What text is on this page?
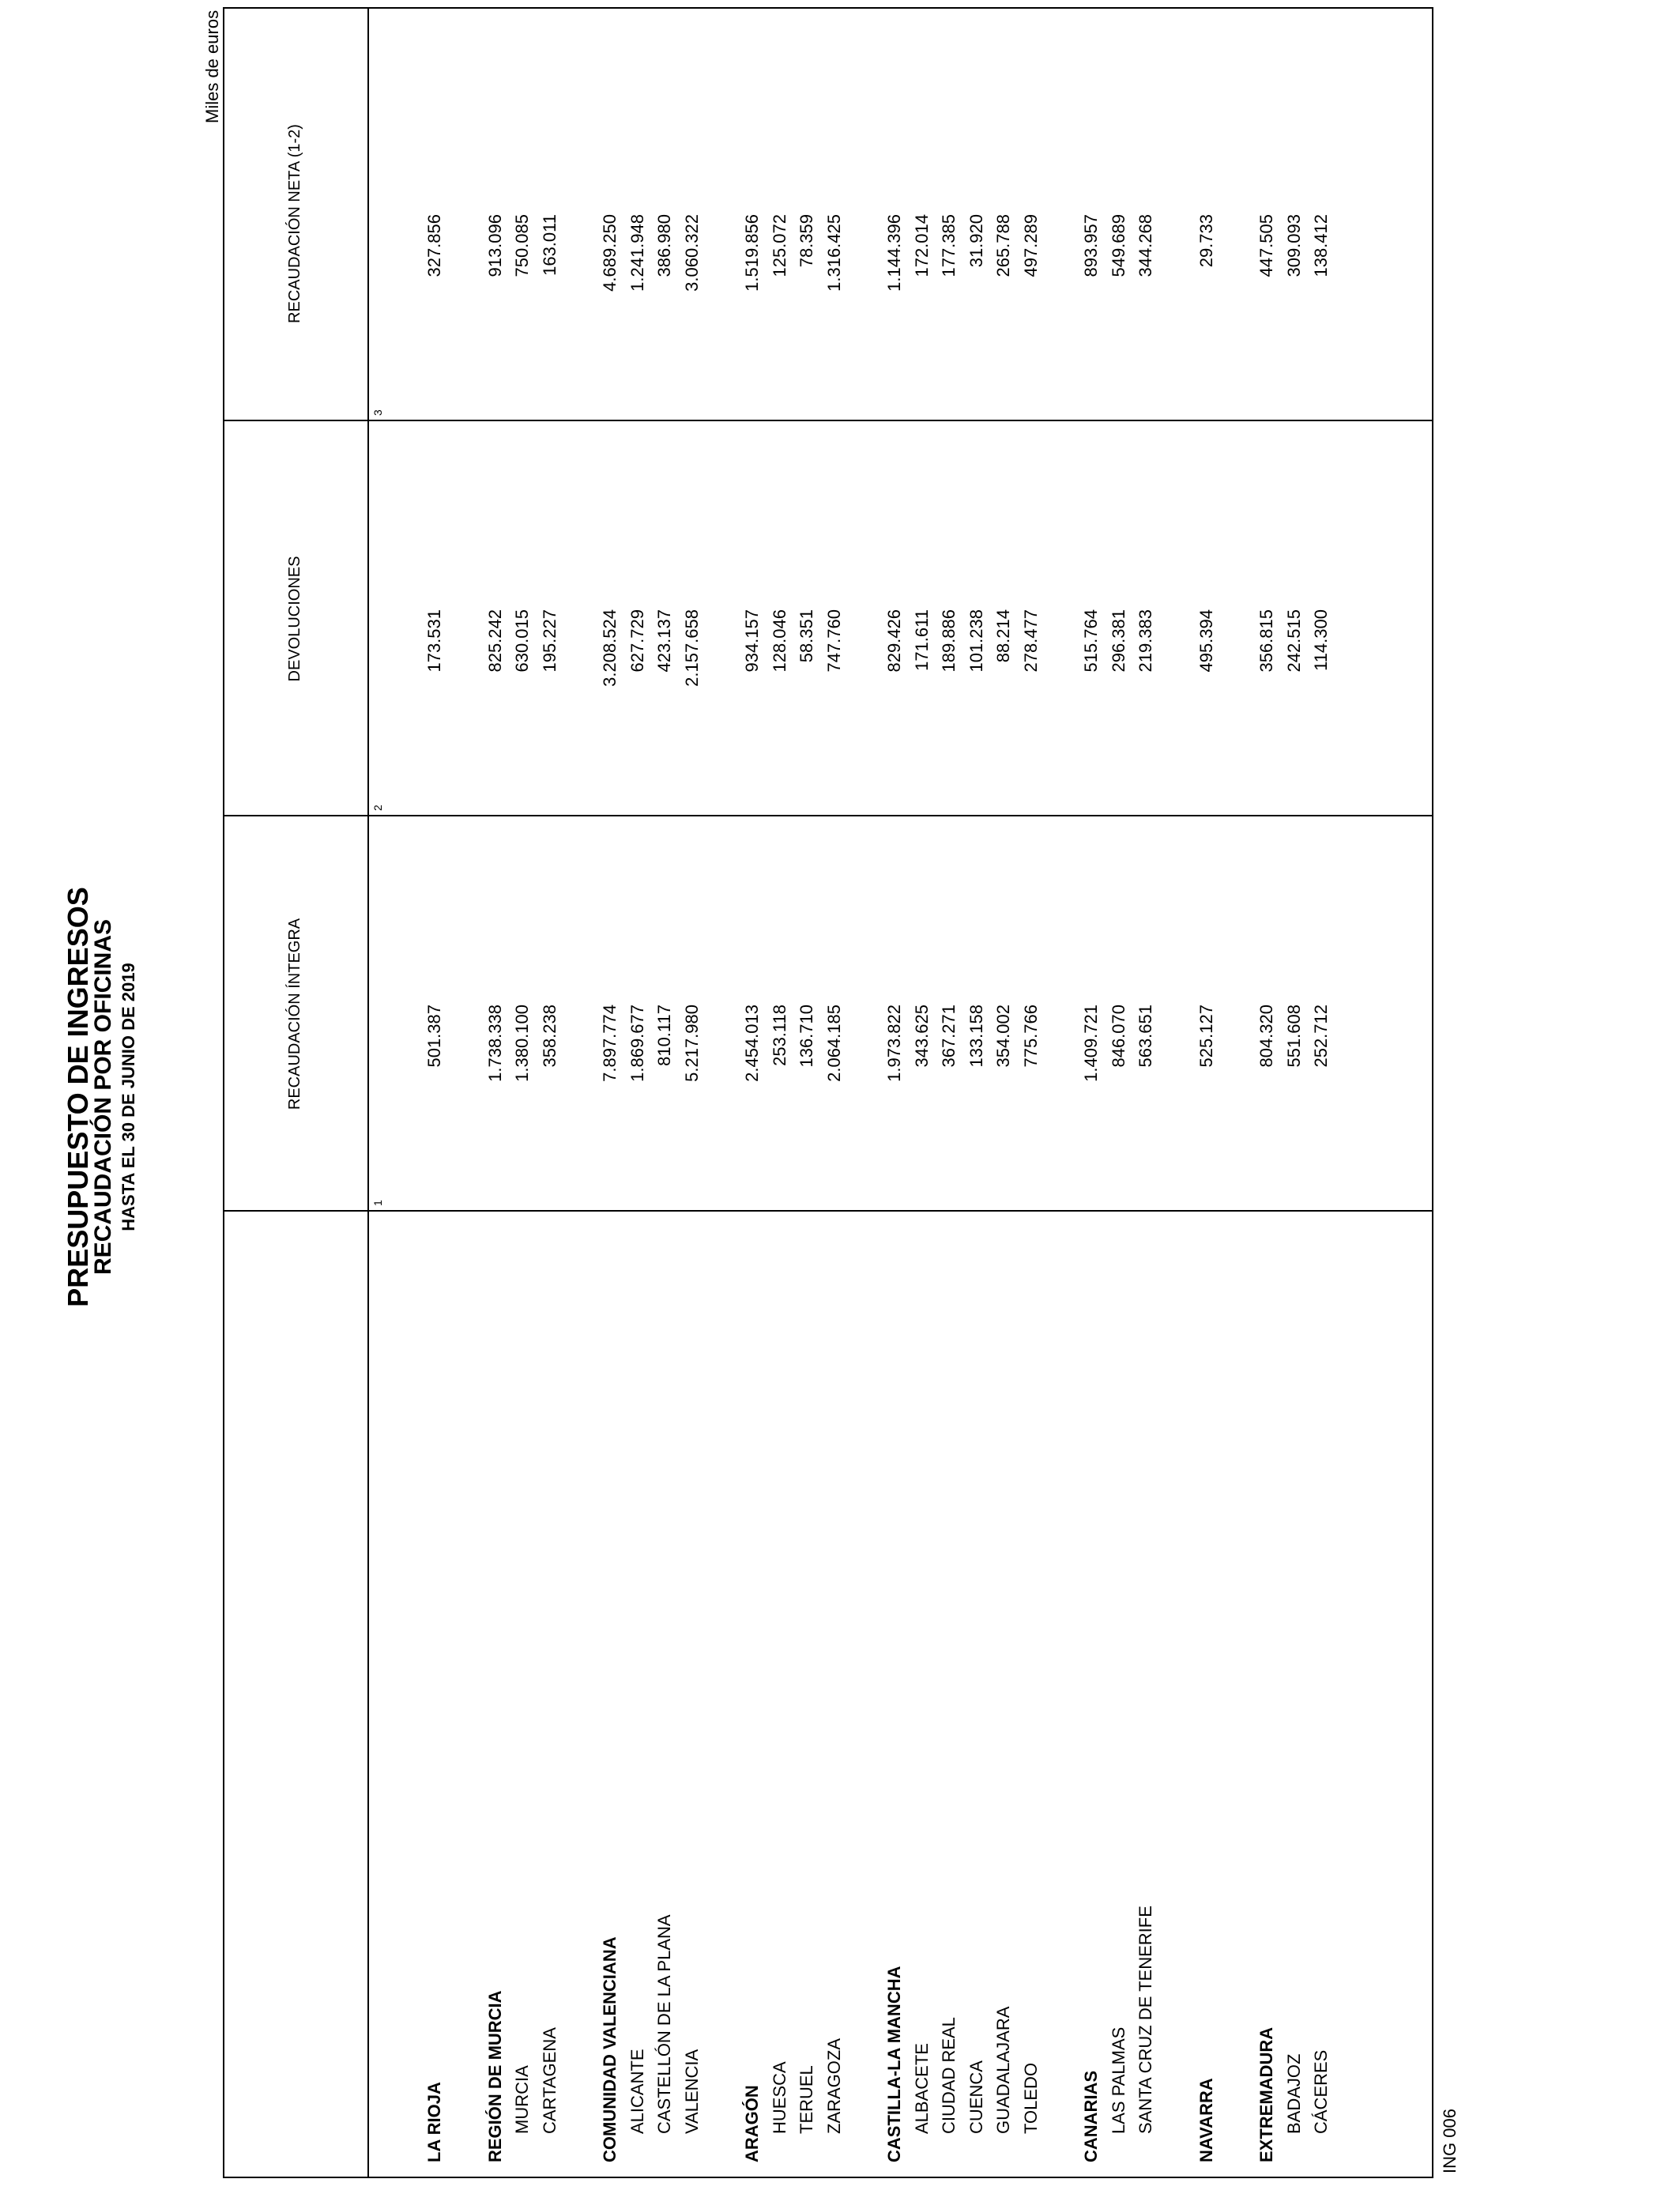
PRESUPUESTO DE INGRESOS
RECAUDACIÓN POR OFICINAS HASTA EL 30 DE JUNIO DE 2019
Miles de euros
RECAUDACIÓN ÍNTEGRA
DEVOLUCIONES
RECAUDACIÓN NETA (1-2)
1
2
3
LA RIOJA
501.387
173.531
327.856
REGIÓN DE MURCIA
1.738.338
825.242
913.096
MURCIA
1.380.100
630.015
750.085
CARTAGENA
358.238
195.227
163.011
COMUNIDAD VALENCIANA
7.897.774
3.208.524
4.689.250
ALICANTE
1.869.677
627.729
1.241.948
CASTELLÓN DE LA PLANA
810.117
423.137
386.980
VALENCIA
5.217.980
2.157.658
3.060.322
ARAGÓN
2.454.013
934.157
1.519.856
HUESCA
253.118
128.046
125.072
TERUEL
136.710
58.351
78.359
ZARAGOZA
2.064.185
747.760
1.316.425
CASTILLA-LA MANCHA
1.973.822
829.426
1.144.396
ALBACETE
343.625
171.611
172.014
CIUDAD REAL
367.271
189.886
177.385
CUENCA
133.158
101.238
31.920
GUADALAJARA
354.002
88.214
265.788
TOLEDO
775.766
278.477
497.289
CANARIAS
1.409.721
515.764
893.957
LAS PALMAS
846.070
296.381
549.689
SANTA CRUZ DE TENERIFE
563.651
219.383
344.268
NAVARRA
525.127
495.394
29.733
EXTREMADURA
804.320
356.815
447.505
BADAJOZ
551.608
242.515
309.093
CÁCERES
252.712
114.300
138.412
ING 006
